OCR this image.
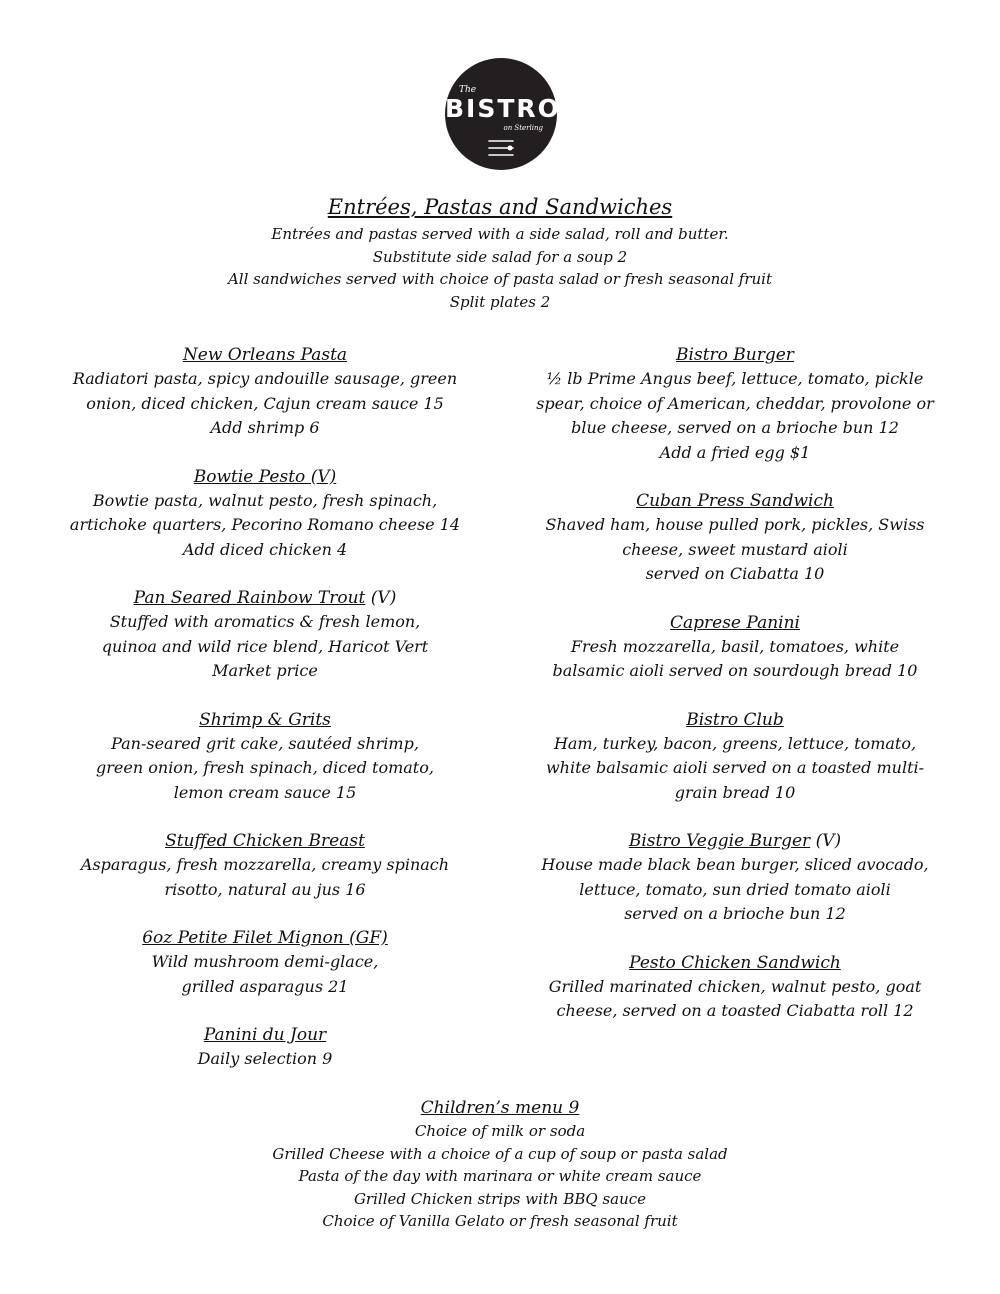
The
BISTRO
on Sterling
Entrées, Pastas and Sandwiches
Entrées and pastas served with a side salad, roll and butter.
Substitute side salad for a soup 2
All sandwiches served with choice of pasta salad or fresh seasonal fruit
Split plates 2
New Orleans Pasta
Radiatori pasta, spicy andouille sausage, green
onion, diced chicken, Cajun cream sauce 15
Add shrimp 6
Bowtie Pesto (V)
Bowtie pasta, walnut pesto, fresh spinach,
artichoke quarters, Pecorino Romano cheese 14
Add diced chicken 4
Pan Seared Rainbow Trout (V)
Stuffed with aromatics & fresh lemon,
quinoa and wild rice blend, Haricot Vert
Market price
Shrimp & Grits
Pan-seared grit cake, sautéed shrimp,
green onion, fresh spinach, diced tomato,
lemon cream sauce 15
Stuffed Chicken Breast
Asparagus, fresh mozzarella, creamy spinach
risotto, natural au jus 16
6oz Petite Filet Mignon (GF)
Wild mushroom demi-glace,
grilled asparagus 21
Panini du Jour
Daily selection 9
Bistro Burger
½ lb Prime Angus beef, lettuce, tomato, pickle
spear, choice of American, cheddar, provolone or
blue cheese, served on a brioche bun 12
Add a fried egg $1
Cuban Press Sandwich
Shaved ham, house pulled pork, pickles, Swiss
cheese, sweet mustard aioli
served on Ciabatta 10
Caprese Panini
Fresh mozzarella, basil, tomatoes, white
balsamic aioli served on sourdough bread 10
Bistro Club
Ham, turkey, bacon, greens, lettuce, tomato,
white balsamic aioli served on a toasted multi-
grain bread 10
Bistro Veggie Burger (V)
House made black bean burger, sliced avocado,
lettuce, tomato, sun dried tomato aioli
served on a brioche bun 12
Pesto Chicken Sandwich
Grilled marinated chicken, walnut pesto, goat
cheese, served on a toasted Ciabatta roll 12
Children’s menu 9
Choice of milk or soda
Grilled Cheese with a choice of a cup of soup or pasta salad
Pasta of the day with marinara or white cream sauce
Grilled Chicken strips with BBQ sauce
Choice of Vanilla Gelato or fresh seasonal fruit
